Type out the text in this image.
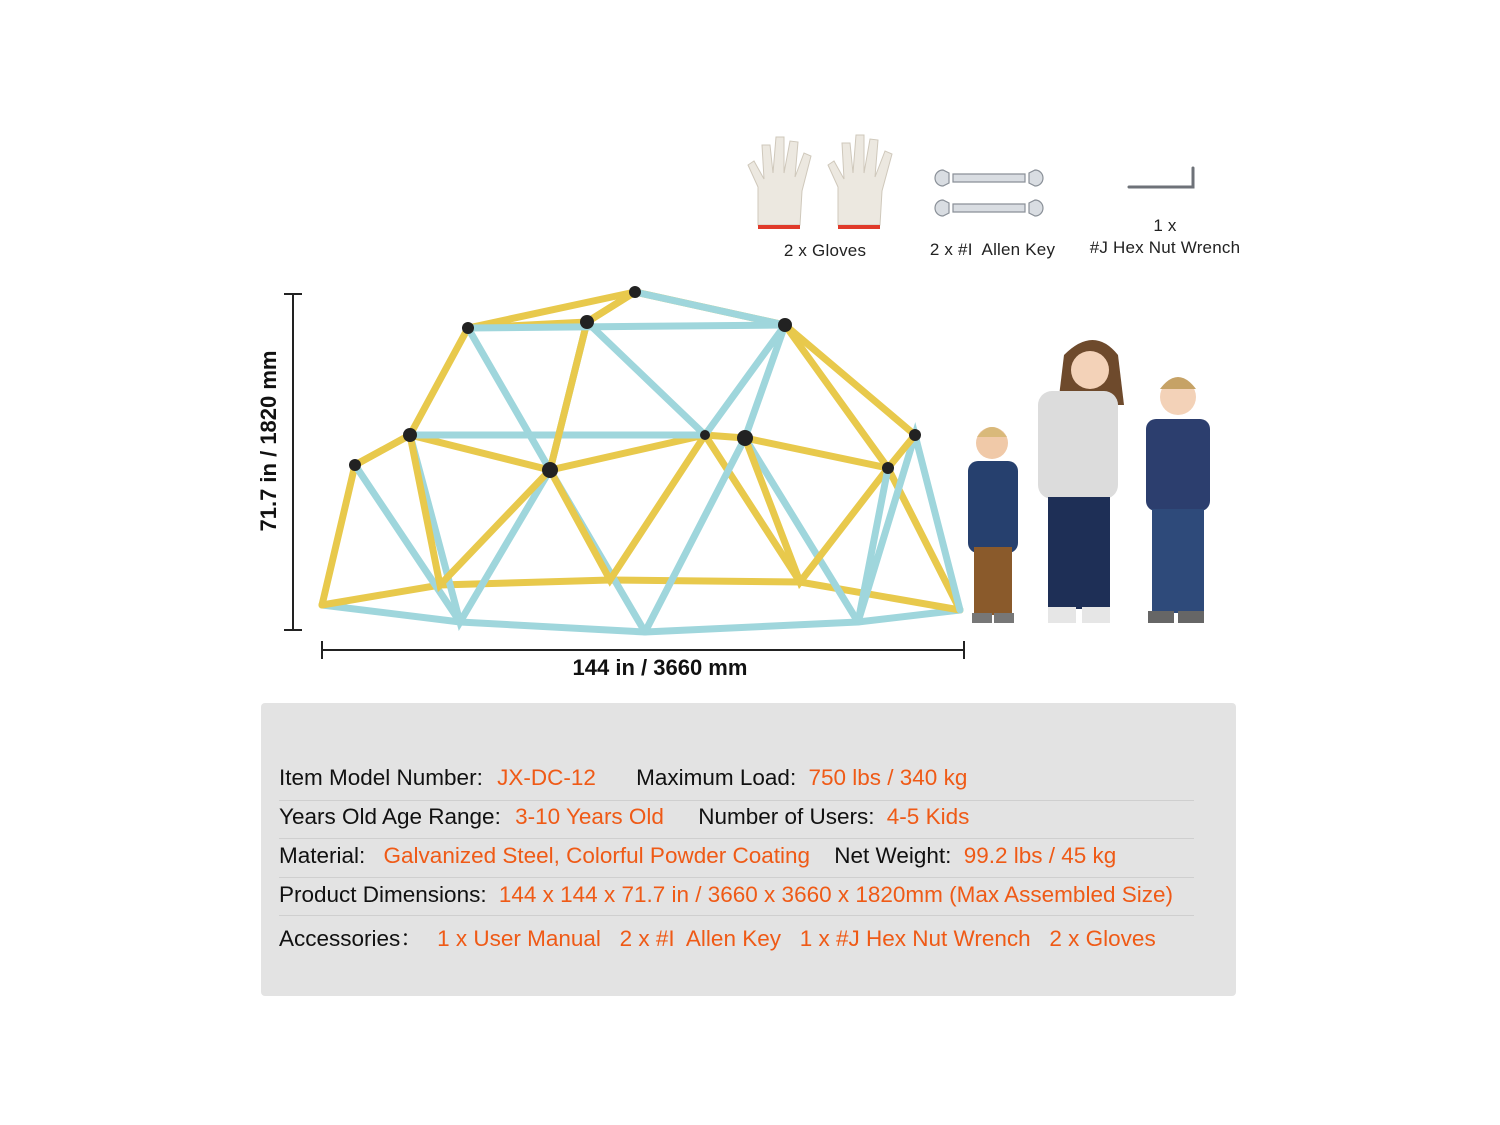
2 x Gloves	2 x #I  Allen Key
1 x
#J Hex Nut Wrench
71.7 in / 1820 mm
144 in / 3660 mm
Item Model Number: JX-DC-12 Maximum Load: 750 lbs / 340 kg
Years Old Age Range: 3-10 Years Old Number of Users: 4-5 Kids
Material: Galvanized Steel, Colorful Powder Coating Net Weight: 99.2 lbs / 45 kg
Product Dimensions: 144 x 144 x 71.7 in / 3660 x 3660 x 1820mm (Max Assembled Size)
Accessories： 1 x User Manual   2 x #I  Allen Key   1 x #J Hex Nut Wrench   2 x Gloves
